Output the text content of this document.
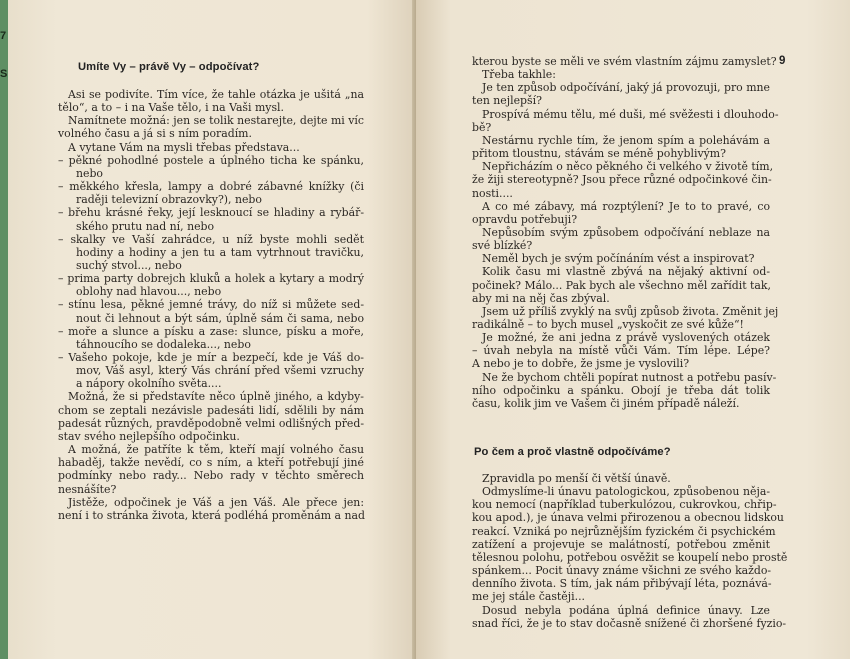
7
S
Umíte Vy – právě Vy – odpočívat?
Asi se podivíte. Tím více, že tahle otázka je ušitá „na
tělo“, a to – i na Vaše tělo, i na Vaši mysl.
Namítnete možná: jen se tolik nestarejte, dejte mi víc
volného času a já si s ním poradím.
A vytane Vám na mysli třebas představa...
– pěkné pohodlné postele a úplného ticha ke spánku,
nebo
– měkkého křesla, lampy a dobré zábavné knížky (či
raději televizní obrazovky?), nebo
– břehu krásné řeky, její lesknoucí se hladiny a rybář-
ského prutu nad ní, nebo
– skalky ve Vaší zahrádce, u níž byste mohli sedět
hodiny a hodiny a jen tu a tam vytrhnout travičku,
suchý stvol..., nebo
– prima party dobrejch kluků a holek a kytary a modrý
oblohy nad hlavou..., nebo
– stínu lesa, pěkné jemné trávy, do níž si můžete sed-
nout či lehnout a být sám, úplně sám či sama, nebo
– moře a slunce a písku a zase: slunce, písku a moře,
táhnoucího se dodaleka..., nebo
– Vašeho pokoje, kde je mír a bezpečí, kde je Váš do-
mov, Váš asyl, který Vás chrání před všemi vzruchy
a nápory okolního světa....
Možná, že si představíte něco úplně jiného, a kdyby-
chom se zeptali nezávisle padesáti lidí, sdělili by nám
padesát různých, pravděpodobně velmi odlišných před-
stav svého nejlepšího odpočinku.
A možná, že patříte k těm, kteří mají volného času
habaděj, takže nevědí, co s ním, a kteří potřebují jiné
podmínky nebo rady... Nebo rady v těchto směrech
nesnášíte?
Jistěže, odpočinek je Váš a jen Váš. Ale přece jen:
není i to stránka života, která podléhá proměnám a nad
9
kterou byste se měli ve svém vlastním zájmu zamyslet?
Třeba takhle:
Je ten způsob odpočívání, jaký já provozuji, pro mne
ten nejlepší?
Prospívá mému tělu, mé duši, mé svěžesti i dlouhodo-
bě?
Nestárnu rychle tím, že jenom spím a polehávám a
přitom tloustnu, stávám se méně pohyblivým?
Nepřicházím o něco pěkného či velkého v životě tím,
že žiji stereotypně? Jsou přece různé odpočinkové čin-
nosti....
A co mé zábavy, má rozptýlení? Je to to pravé, co
opravdu potřebuji?
Nepůsobím svým způsobem odpočívání neblaze na
své blízké?
Neměl bych je svým počínáním vést a inspirovat?
Kolik času mi vlastně zbývá na nějaký aktivní od-
počinek? Málo... Pak bych ale všechno měl zařídit tak,
aby mi na něj čas zbýval.
Jsem už příliš zvyklý na svůj způsob života. Změnit jej
radikálně – to bych musel „vyskočit ze své kůže“!
Je možné, že ani jedna z právě vyslovených otázek
– úvah nebyla na místě vůči Vám. Tím lépe. Lépe?
A nebo je to dobře, že jsme je vyslovili?
Ne že bychom chtěli popírat nutnost a potřebu pasív-
ního odpočinku a spánku. Obojí je třeba dát tolik
času, kolik jim ve Vašem či jiném případě náleží.
Po čem a proč vlastně odpočíváme?
Zpravidla po menší či větší únavě.
Odmyslíme-li únavu patologickou, způsobenou něja-
kou nemocí (například tuberkulózou, cukrovkou, chřip-
kou apod.), je únava velmi přirozenou a obecnou lidskou
reakcí. Vzniká po nejrůznějším fyzickém či psychickém
zatížení a projevuje se malátností, potřebou změnit
tělesnou polohu, potřebou osvěžit se koupelí nebo prostě
spánkem... Pocit únavy známe všichni ze svého každo-
denního života. S tím, jak nám přibývají léta, poznává-
me jej stále častěji...
Dosud nebyla podána úplná definice únavy. Lze
snad říci, že je to stav dočasně snížené či zhoršené fyzio-
